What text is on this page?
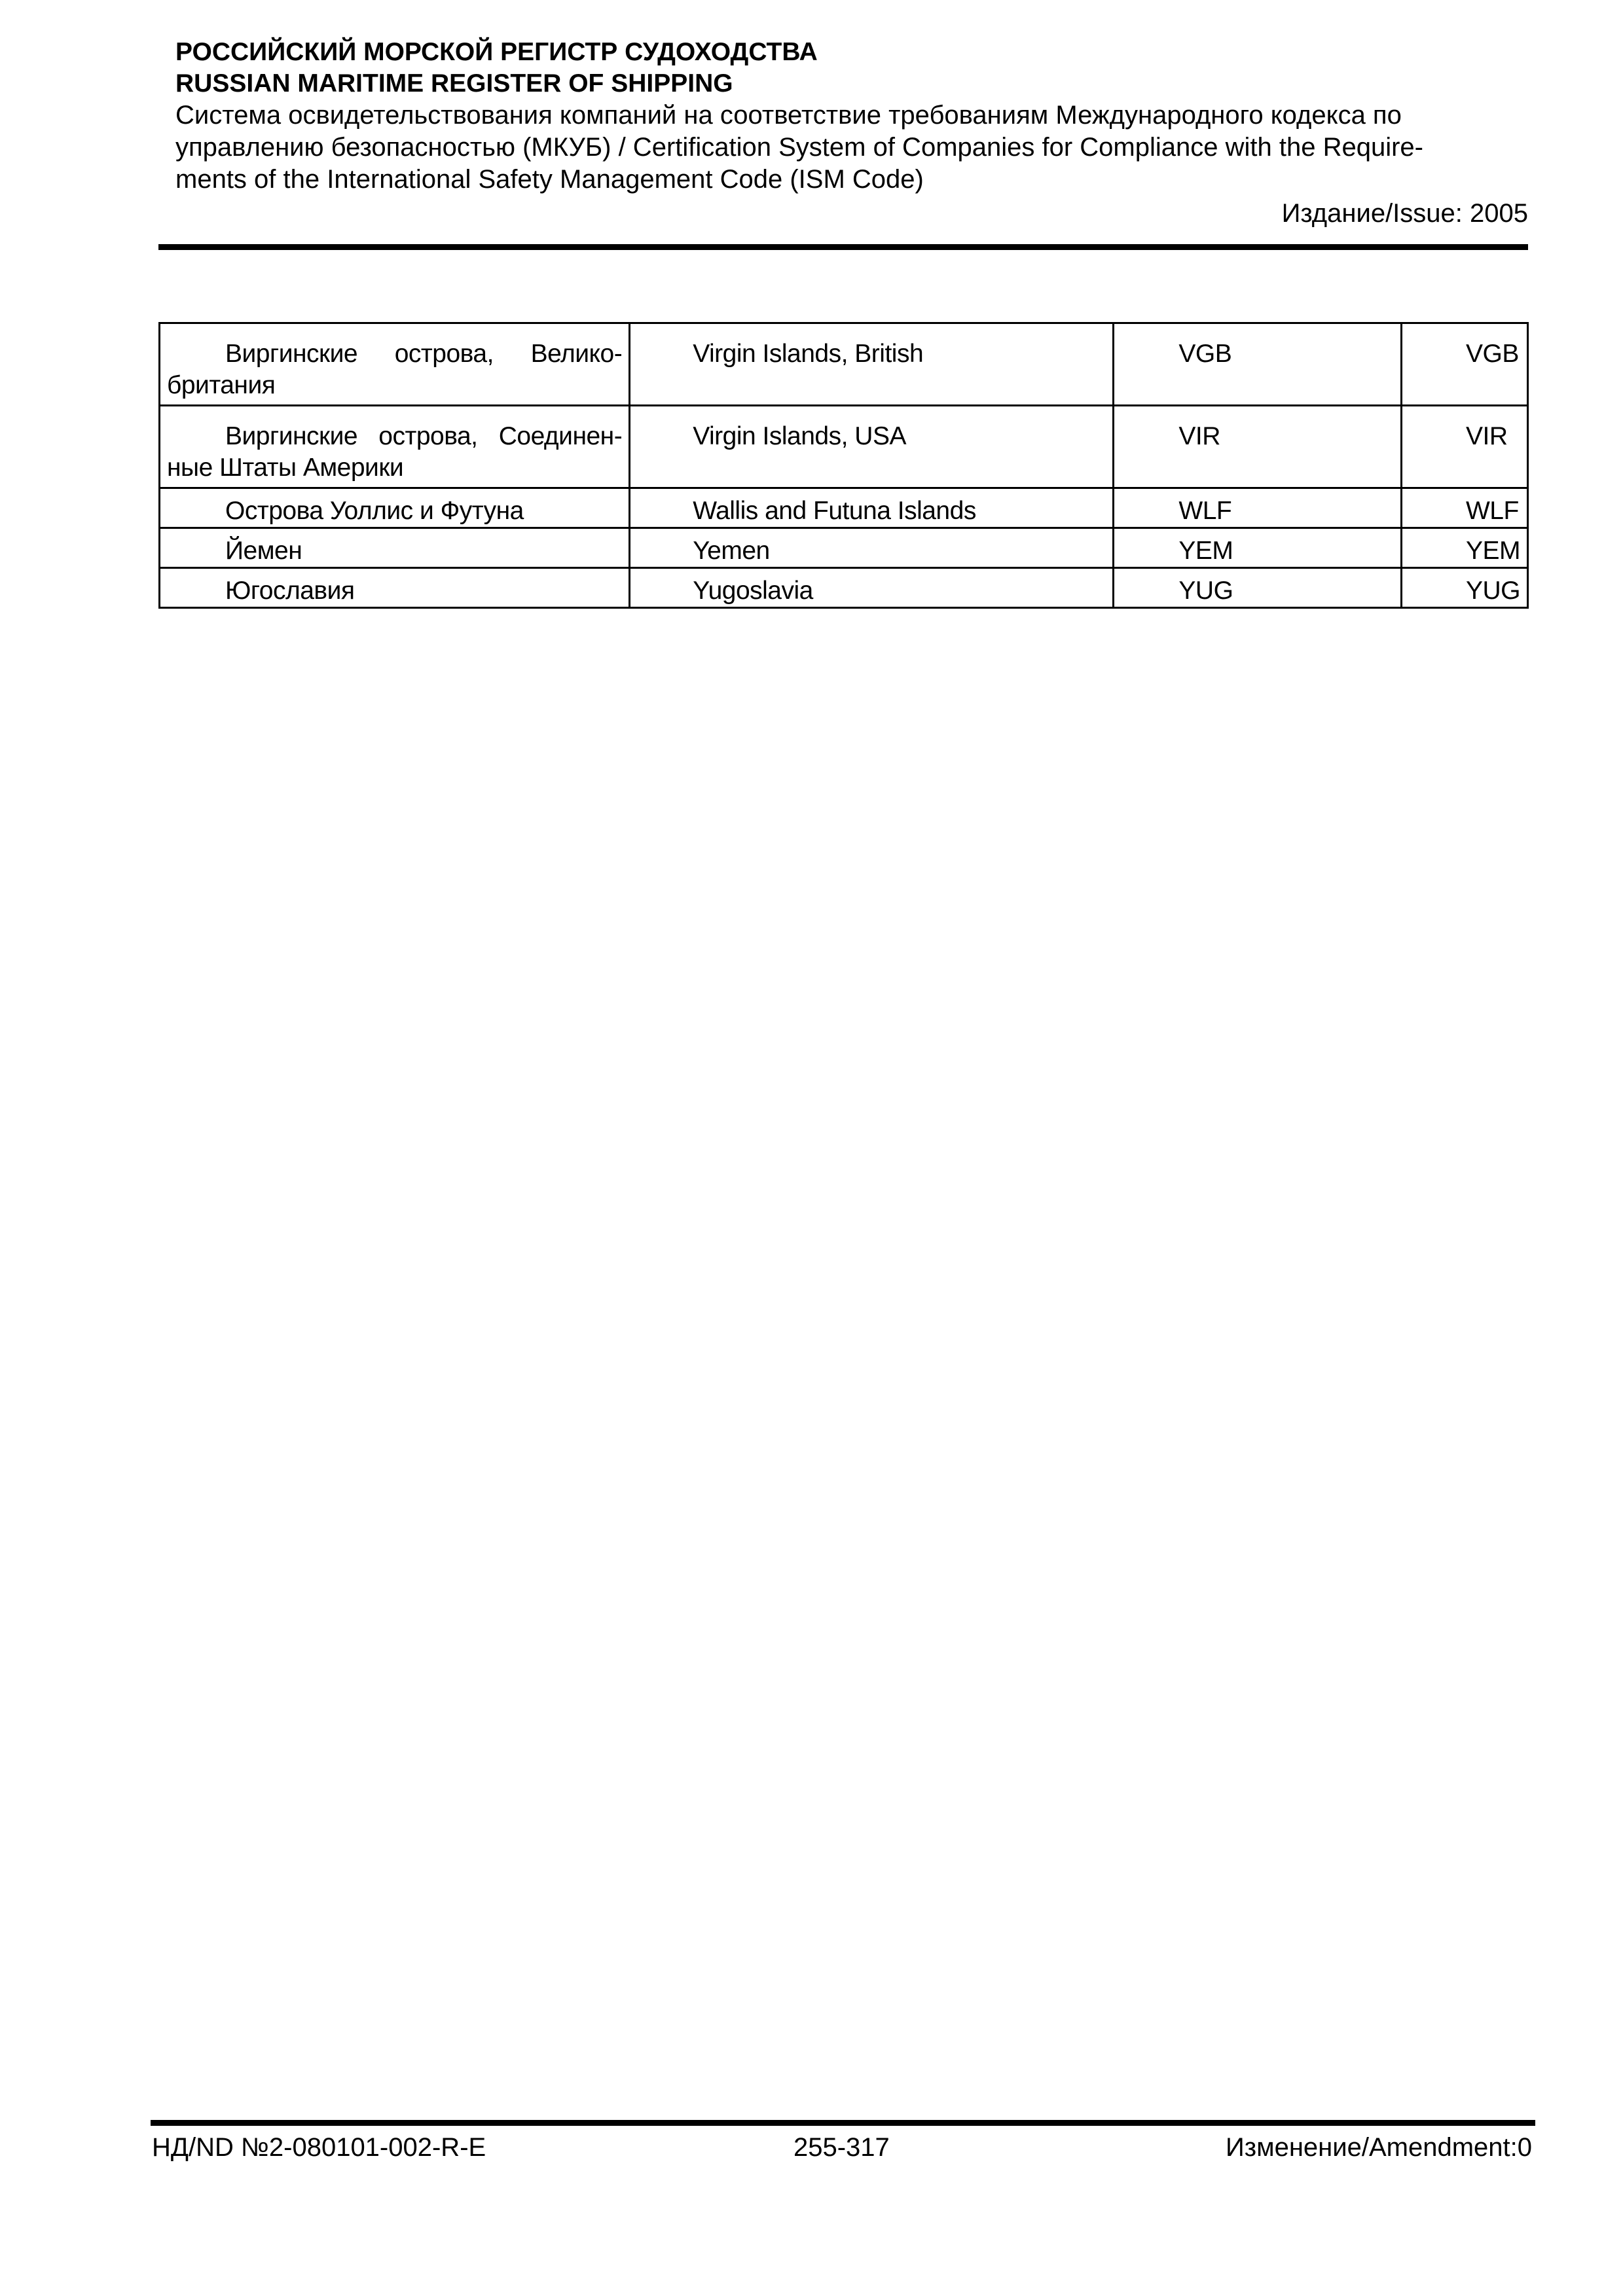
РОССИЙСКИЙ МОРСКОЙ РЕГИСТР СУДОХОДСТВА
RUSSIAN MARITIME REGISTER OF SHIPPING
Система освидетельствования компаний на соответствие требованиям Международного кодекса по
управлению безопасностью (МКУБ) / Certification System of Companies for Compliance with the Require-
ments of the International Safety Management Code (ISM Code)
Издание/Issue: 2005
Виргинские острова, Велико-британия	Virgin Islands, British	VGB	VGB
Виргинские острова, Соединен-ные Штаты Америки	Virgin Islands, USA	VIR	VIR
Острова Уоллис и Футуна	Wallis and Futuna Islands	WLF	WLF
Йемен	Yemen	YEM	YEM
Югославия	Yugoslavia	YUG	YUG
НД/ND №2-080101-002-R-E	255-317	Изменение/Amendment:0
